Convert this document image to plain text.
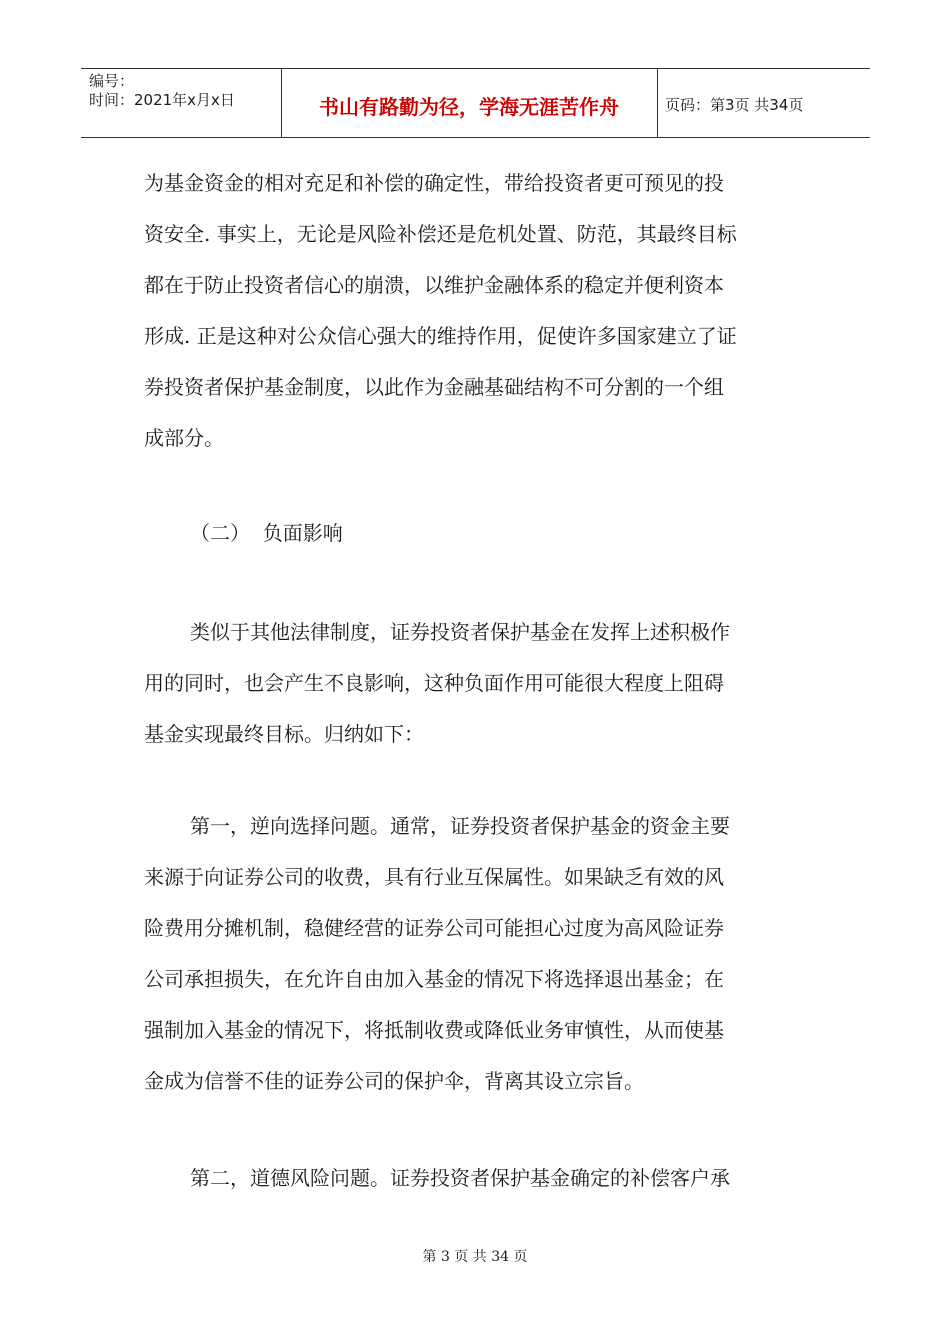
编号：
时间：2021年x月x日	书山有路勤为径，学海无涯苦作舟	页码：第3页 共34页
为基金资金的相对充足和补偿的确定性，带给投资者更可预见的投
资安全. 事实上，无论是风险补偿还是危机处置、防范，其最终目标
都在于防止投资者信心的崩溃，以维护金融体系的稳定并便利资本
形成. 正是这种对公众信心强大的维持作用，促使许多国家建立了证
券投资者保护基金制度，以此作为金融基础结构不可分割的一个组
成部分。
（二）  负面影响
类似于其他法律制度，证券投资者保护基金在发挥上述积极作
用的同时，也会产生不良影响，这种负面作用可能很大程度上阻碍
基金实现最终目标。归纳如下：
第一，逆向选择问题。通常，证券投资者保护基金的资金主要
来源于向证券公司的收费，具有行业互保属性。如果缺乏有效的风
险费用分摊机制，稳健经营的证券公司可能担心过度为高风险证券
公司承担损失，在允许自由加入基金的情况下将选择退出基金；在
强制加入基金的情况下，将抵制收费或降低业务审慎性，从而使基
金成为信誉不佳的证券公司的保护伞，背离其设立宗旨。
第二，道德风险问题。证券投资者保护基金确定的补偿客户承
第 3 页 共 34 页
